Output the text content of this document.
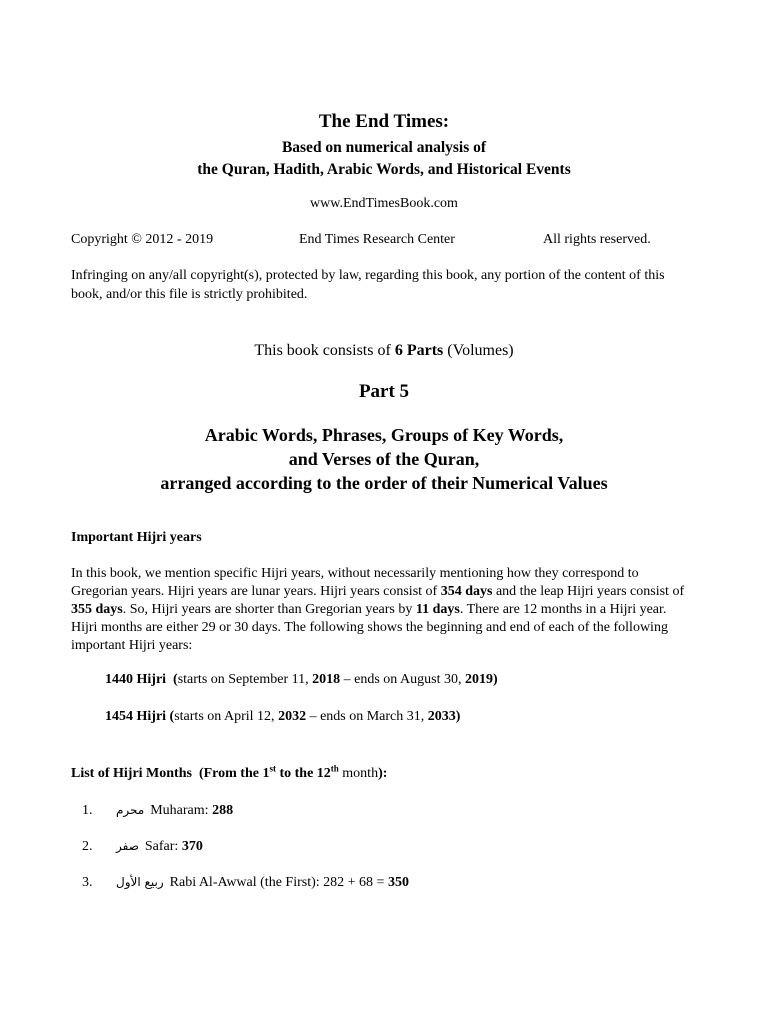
The End Times:
Based on numerical analysis of
the Quran, Hadith, Arabic Words, and Historical Events
www.EndTimesBook.com
Copyright © 2012 - 2019	End Times Research Center	All rights reserved.
Infringing on any/all copyright(s), protected by law, regarding this book, any portion of the content of this book, and/or this file is strictly prohibited.
This book consists of 6 Parts (Volumes)
Part 5
Arabic Words, Phrases, Groups of Key Words,
and Verses of the Quran,
arranged according to the order of their Numerical Values
Important Hijri years
In this book, we mention specific Hijri years, without necessarily mentioning how they correspond to Gregorian years. Hijri years are lunar years. Hijri years consist of 354 days and the leap Hijri years consist of 355 days. So, Hijri years are shorter than Gregorian years by 11 days. There are 12 months in a Hijri year. Hijri months are either 29 or 30 days. The following shows the beginning and end of each of the following important Hijri years:
1440 Hijri  (starts on September 11, 2018 – ends on August 30, 2019)
1454 Hijri (starts on April 12, 2032 – ends on March 31, 2033)
List of Hijri Months  (From the 1st to the 12th month):
1. محرم Muharam: 288
2. صفر Safar: 370
3. ربيع الأول Rabi Al-Awwal (the First): 282 + 68 = 350
